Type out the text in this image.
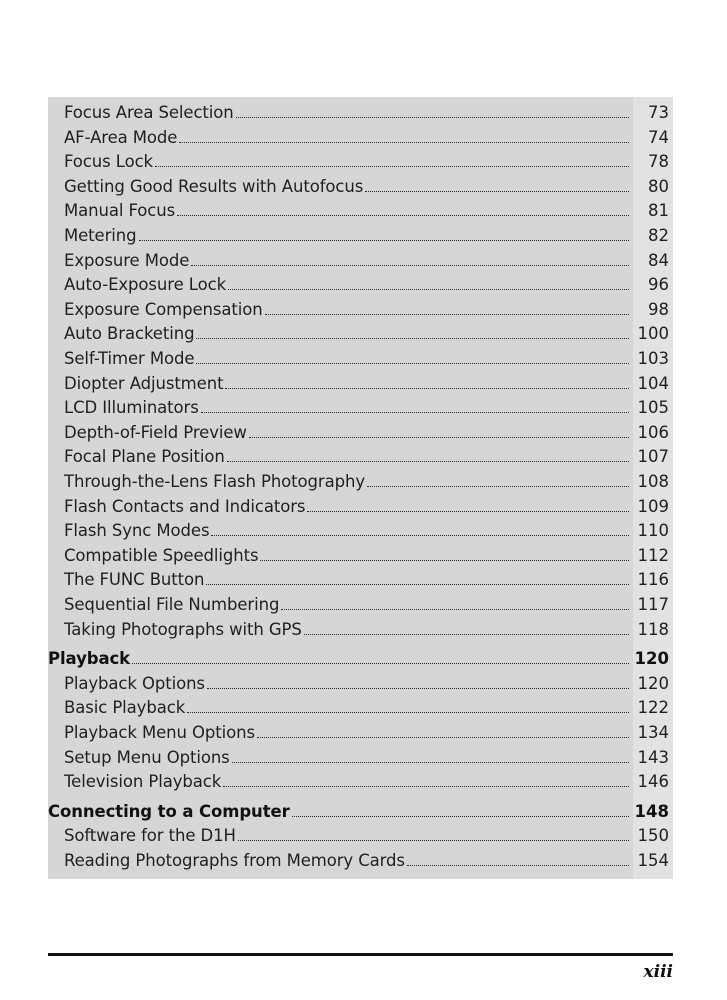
Focus Area Selection	73
AF-Area Mode	74
Focus Lock	78
Getting Good Results with Autofocus	80
Manual Focus	81
Metering	82
Exposure Mode	84
Auto-Exposure Lock	96
Exposure Compensation	98
Auto Bracketing	100
Self-Timer Mode	103
Diopter Adjustment	104
LCD Illuminators	105
Depth-of-Field Preview	106
Focal Plane Position	107
Through-the-Lens Flash Photography	108
Flash Contacts and Indicators	109
Flash Sync Modes	110
Compatible Speedlights	112
The FUNC Button	116
Sequential File Numbering	117
Taking Photographs with GPS	118
Playback	120
Playback Options	120
Basic Playback	122
Playback Menu Options	134
Setup Menu Options	143
Television Playback	146
Connecting to a Computer	148
Software for the D1H	150
Reading Photographs from Memory Cards	154
xiii
